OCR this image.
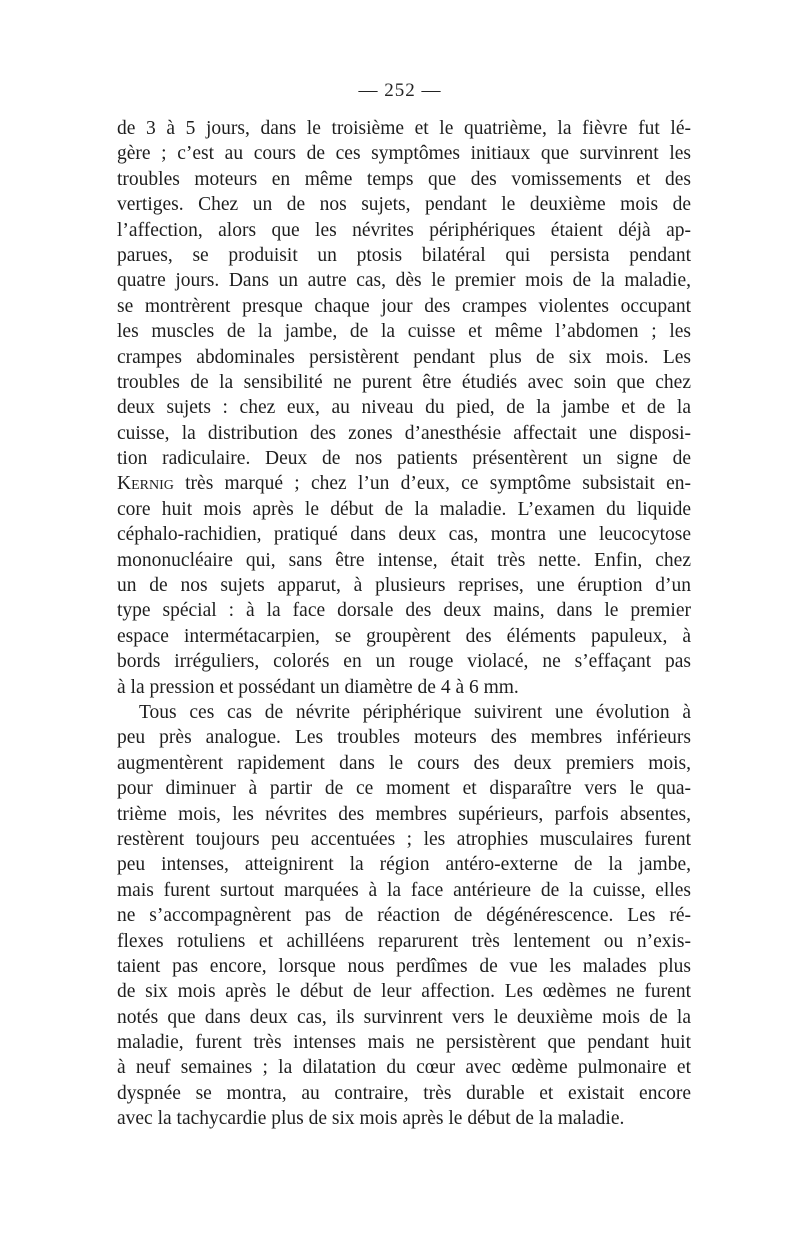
— 252 —
de 3 à 5 jours, dans le troisième et le quatrième, la fièvre fut lé-
gère ; c’est au cours de ces symptômes initiaux que survinrent les
troubles moteurs en même temps que des vomissements et des
vertiges. Chez un de nos sujets, pendant le deuxième mois de
l’affection, alors que les névrites périphériques étaient déjà ap-
parues, se produisit un ptosis bilatéral qui persista pendant
quatre jours. Dans un autre cas, dès le premier mois de la maladie,
se montrèrent presque chaque jour des crampes violentes occupant
les muscles de la jambe, de la cuisse et même l’abdomen ; les
crampes abdominales persistèrent pendant plus de six mois. Les
troubles de la sensibilité ne purent être étudiés avec soin que chez
deux sujets : chez eux, au niveau du pied, de la jambe et de la
cuisse, la distribution des zones d’anesthésie affectait une disposi-
tion radiculaire. Deux de nos patients présentèrent un signe de
Kernig très marqué ; chez l’un d’eux, ce symptôme subsistait en-
core huit mois après le début de la maladie. L’examen du liquide
céphalo-rachidien, pratiqué dans deux cas, montra une leucocytose
mononucléaire qui, sans être intense, était très nette. Enfin, chez
un de nos sujets apparut, à plusieurs reprises, une éruption d’un
type spécial : à la face dorsale des deux mains, dans le premier
espace intermétacarpien, se groupèrent des éléments papuleux, à
bords irréguliers, colorés en un rouge violacé, ne s’effaçant pas
à la pression et possédant un diamètre de 4 à 6 mm.
Tous ces cas de névrite périphérique suivirent une évolution à
peu près analogue. Les troubles moteurs des membres inférieurs
augmentèrent rapidement dans le cours des deux premiers mois,
pour diminuer à partir de ce moment et disparaître vers le qua-
trième mois, les névrites des membres supérieurs, parfois absentes,
restèrent toujours peu accentuées ; les atrophies musculaires furent
peu intenses, atteignirent la région antéro-externe de la jambe,
mais furent surtout marquées à la face antérieure de la cuisse, elles
ne s’accompagnèrent pas de réaction de dégénérescence. Les ré-
flexes rotuliens et achilléens reparurent très lentement ou n’exis-
taient pas encore, lorsque nous perdîmes de vue les malades plus
de six mois après le début de leur affection. Les œdèmes ne furent
notés que dans deux cas, ils survinrent vers le deuxième mois de la
maladie, furent très intenses mais ne persistèrent que pendant huit
à neuf semaines ; la dilatation du cœur avec œdème pulmonaire et
dyspnée se montra, au contraire, très durable et existait encore
avec la tachycardie plus de six mois après le début de la maladie.
